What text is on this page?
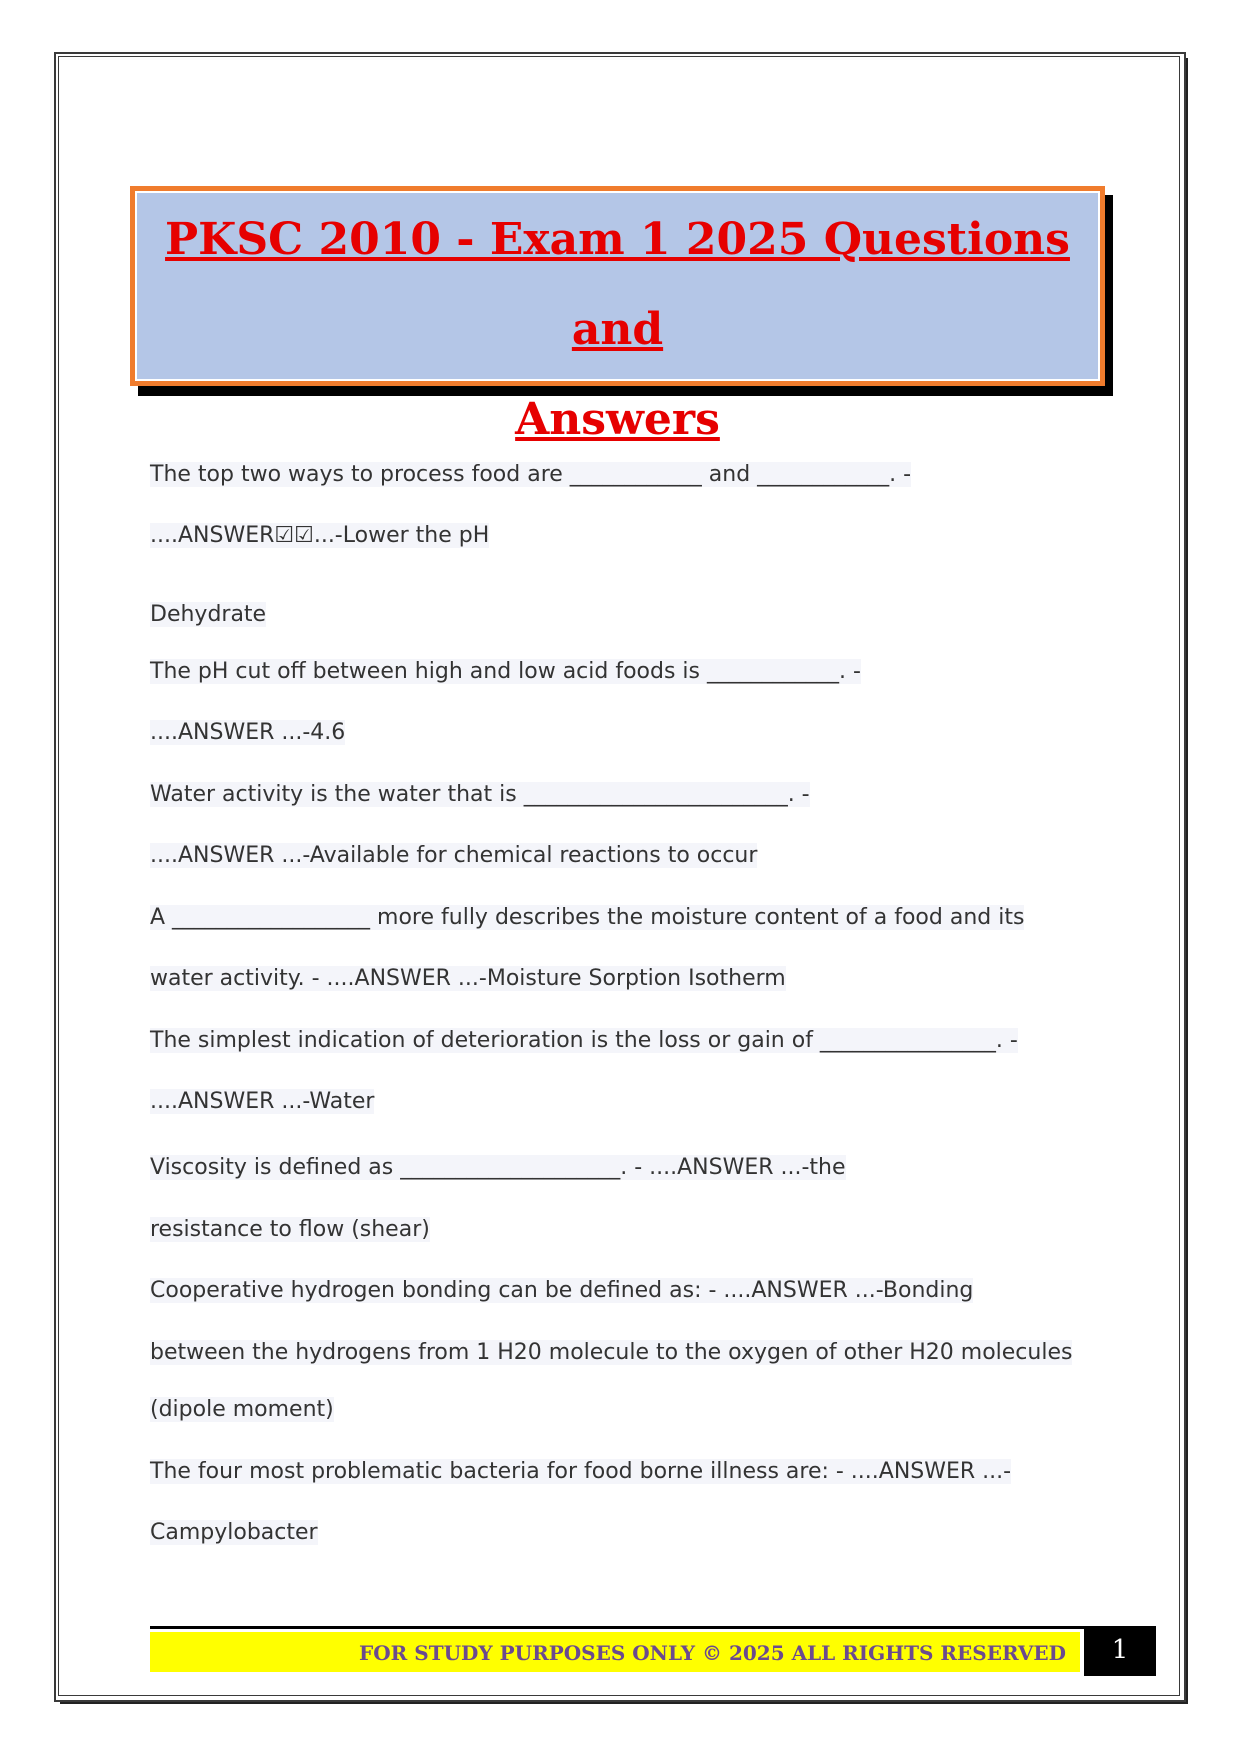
PKSC 2010 - Exam 1 2025 Questions and
Answers
The top two ways to process food are ____________ and ____________. -
....ANSWER☑☑...-Lower the pH
Dehydrate
The pH cut off between high and low acid foods is ____________. -
....ANSWER ...-4.6
Water activity is the water that is ________________________. -
....ANSWER ...-Available for chemical reactions to occur
A __________________ more fully describes the moisture content of a food and its
water activity. - ....ANSWER ...-Moisture Sorption Isotherm
The simplest indication of deterioration is the loss or gain of ________________. -
....ANSWER ...-Water
Viscosity is defined as ____________________. - ....ANSWER ...-the
resistance to flow (shear)
Cooperative hydrogen bonding can be defined as: - ....ANSWER ...-Bonding
between the hydrogens from 1 H20 molecule to the oxygen of other H20 molecules
(dipole moment)
The four most problematic bacteria for food borne illness are: - ....ANSWER ...-
Campylobacter
FOR STUDY PURPOSES ONLY © 2025 ALL RIGHTS RESERVED	1
